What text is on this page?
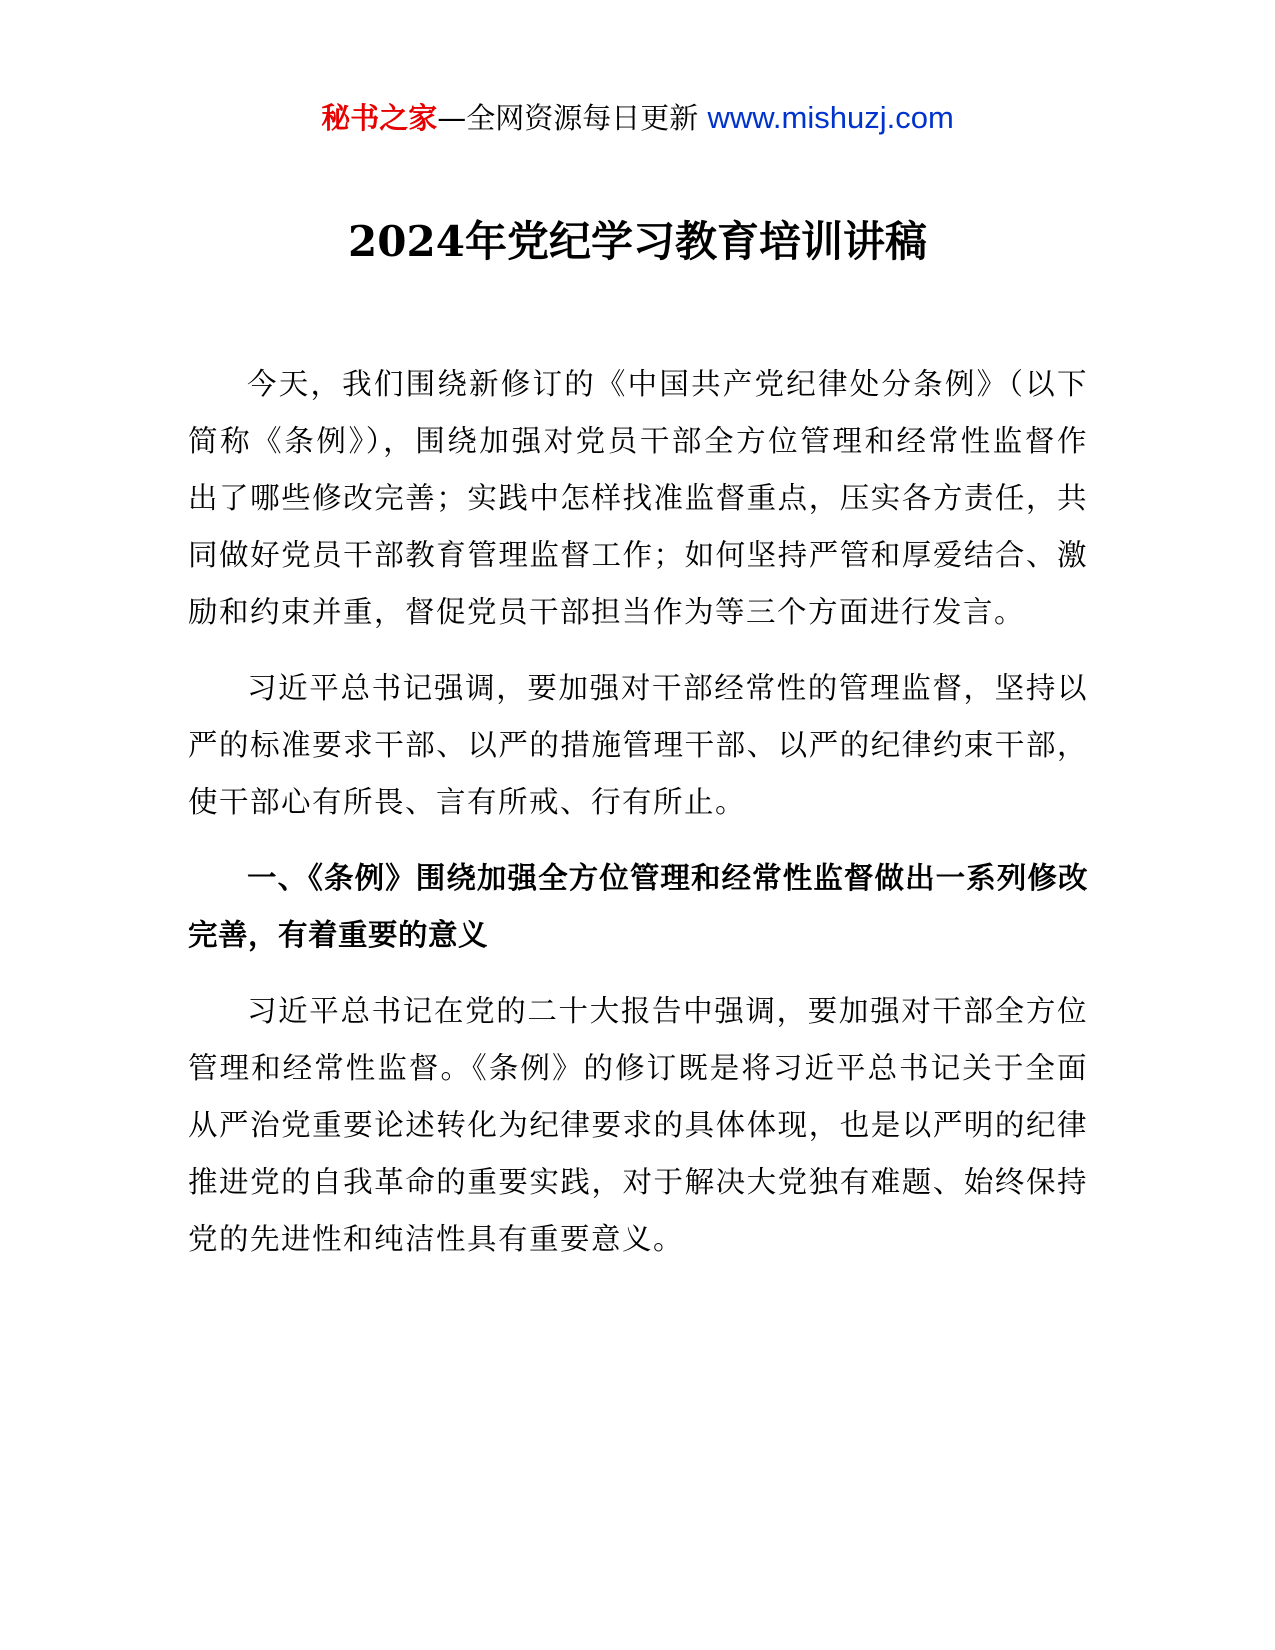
秘书之家—全网资源每日更新 www.mishuzj.com
2024年党纪学习教育培训讲稿

今天，我们围绕新修订的《中国共产党纪律处分条例》（以下简称《条例》），围绕加强对党员干部全方位管理和经常性监督作出了哪些修改完善；实践中怎样找准监督重点，压实各方责任，共同做好党员干部教育管理监督工作；如何坚持严管和厚爱结合、激励和约束并重，督促党员干部担当作为等三个方面进行发言。

习近平总书记强调，要加强对干部经常性的管理监督，坚持以严的标准要求干部、以严的措施管理干部、以严的纪律约束干部，使干部心有所畏、言有所戒、行有所止。

一、《条例》围绕加强全方位管理和经常性监督做出一系列修改完善，有着重要的意义

习近平总书记在党的二十大报告中强调，要加强对干部全方位管理和经常性监督。《条例》的修订既是将习近平总书记关于全面从严治党重要论述转化为纪律要求的具体体现，也是以严明的纪律推进党的自我革命的重要实践，对于解决大党独有难题、始终保持党的先进性和纯洁性具有重要意义。
